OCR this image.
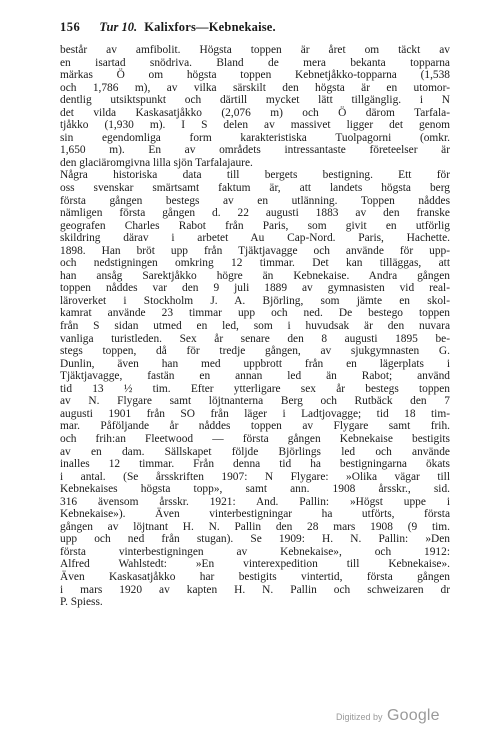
156 Tur 10. Kalixfors—Kebnekaise.
består av amfibolit. Högsta toppen är året om täckt av
en isartad snödriva. Bland de mera bekanta topparna
märkas Ö om högsta toppen Kebnetjåkko-topparna (1,538
och 1,786 m), av vilka särskilt den högsta är en utomor-
dentlig utsiktspunkt och därtill mycket lätt tillgänglig. i N
det vilda Kaskasatjåkko (2,076 m) och Ö därom Tarfala-
tjåkko (1,930 m). I S delen av massivet ligger det genom
sin egendomliga form karakteristiska Tuolpagorni (omkr.
1,650 m). En av områdets intressantaste företeelser är
den glaciäromgivna lilla sjön Tarfalajaure.
Några historiska data till bergets bestigning. Ett för
oss svenskar smärtsamt faktum är, att landets högsta berg
första gången bestegs av en utlänning. Toppen nåddes
nämligen första gången d. 22 augusti 1883 av den franske
geografen Charles Rabot från Paris, som givit en utförlig
skildring därav i arbetet Au Cap-Nord. Paris, Hachette.
1898. Han bröt upp från Tjäktjavagge och använde för upp-
och nedstigningen omkring 12 timmar. Det kan tilläggas, att
han ansåg Sarektjåkko högre än Kebnekaise. Andra gången
toppen nåddes var den 9 juli 1889 av gymnasisten vid real-
läroverket i Stockholm J. A. Björling, som jämte en skol-
kamrat använde 23 timmar upp och ned. De bestego toppen
från S sidan utmed en led, som i huvudsak är den nuvara
vanliga turistleden. Sex år senare den 8 augusti 1895 be-
stegs toppen, då för tredje gången, av sjukgymnasten G.
Dunlin, även han med uppbrott från en lägerplats i
Tjäktjavagge, fastän en annan led än Rabot; använd
tid 13 ½ tim. Efter ytterligare sex år bestegs toppen
av N. Flygare samt löjtnanterna Berg och Rutbäck den 7
augusti 1901 från SO från läger i Ladtjovagge; tid 18 tim-
mar. Påföljande år nåddes toppen av Flygare samt frih.
och frih:an Fleetwood — första gången Kebnekaise bestigits
av en dam. Sällskapet följde Björlings led och använde
inalles 12 timmar. Från denna tid ha bestigningarna ökats
i antal. (Se årsskriften 1907: N Flygare: »Olika vägar till
Kebnekaises högsta topp», samt ann. 1908 årsskr., sid.
316 ävensom årsskr. 1921: And. Pallin: »Högst uppe i
Kebnekaise»). Även vinterbestigningar ha utförts, första
gången av löjtnant H. N. Pallin den 28 mars 1908 (9 tim.
upp och ned från stugan). Se 1909: H. N. Pallin: »Den
första vinterbestigningen av Kebnekaise», och 1912:
Alfred Wahlstedt: »En vinterexpedition till Kebnekaise».
Även Kaskasatjåkko har bestigits vintertid, första gången
i mars 1920 av kapten H. N. Pallin och schweizaren dr
P. Spiess.
Digitized by Google
